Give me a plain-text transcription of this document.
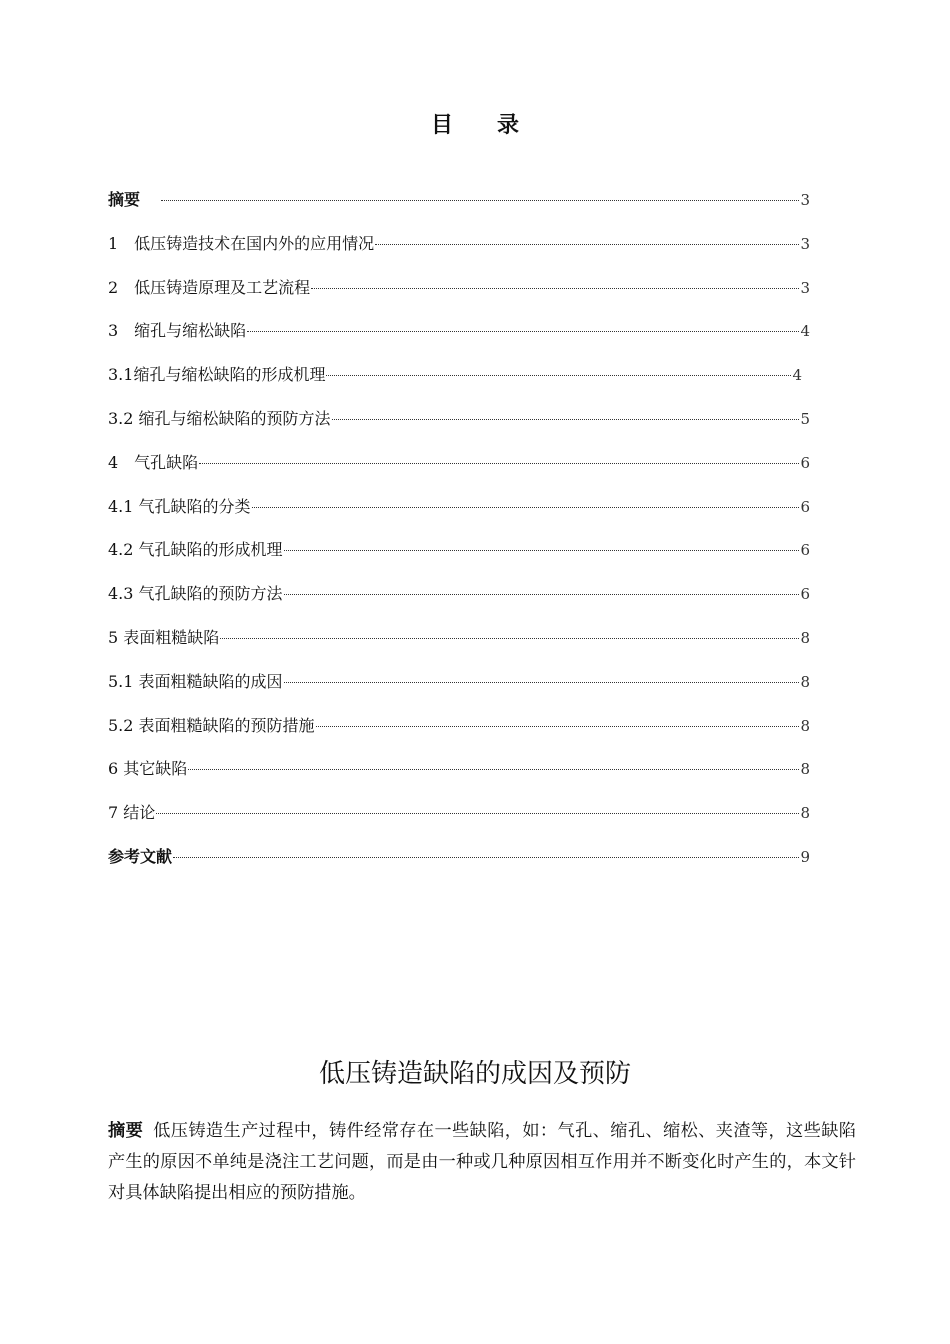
目　　录
摘要	3
1　低压铸造技术在国内外的应用情况	3
2　低压铸造原理及工艺流程	3
3　缩孔与缩松缺陷	4
3.1缩孔与缩松缺陷的形成机理	4
3.2 缩孔与缩松缺陷的预防方法	5
4　气孔缺陷	6
4.1 气孔缺陷的分类	6
4.2 气孔缺陷的形成机理	6
4.3 气孔缺陷的预防方法	6
5 表面粗糙缺陷	8
5.1 表面粗糙缺陷的成因	8
5.2 表面粗糙缺陷的预防措施	8
6 其它缺陷	8
7 结论	8
参考文献	9
低压铸造缺陷的成因及预防

摘要 低压铸造生产过程中，铸件经常存在一些缺陷，如：气孔、缩孔、缩松、夹渣等，这些缺陷产生的原因不单纯是浇注工艺问题，而是由一种或几种原因相互作用并不断变化时产生的，本文针对具体缺陷提出相应的预防措施。
